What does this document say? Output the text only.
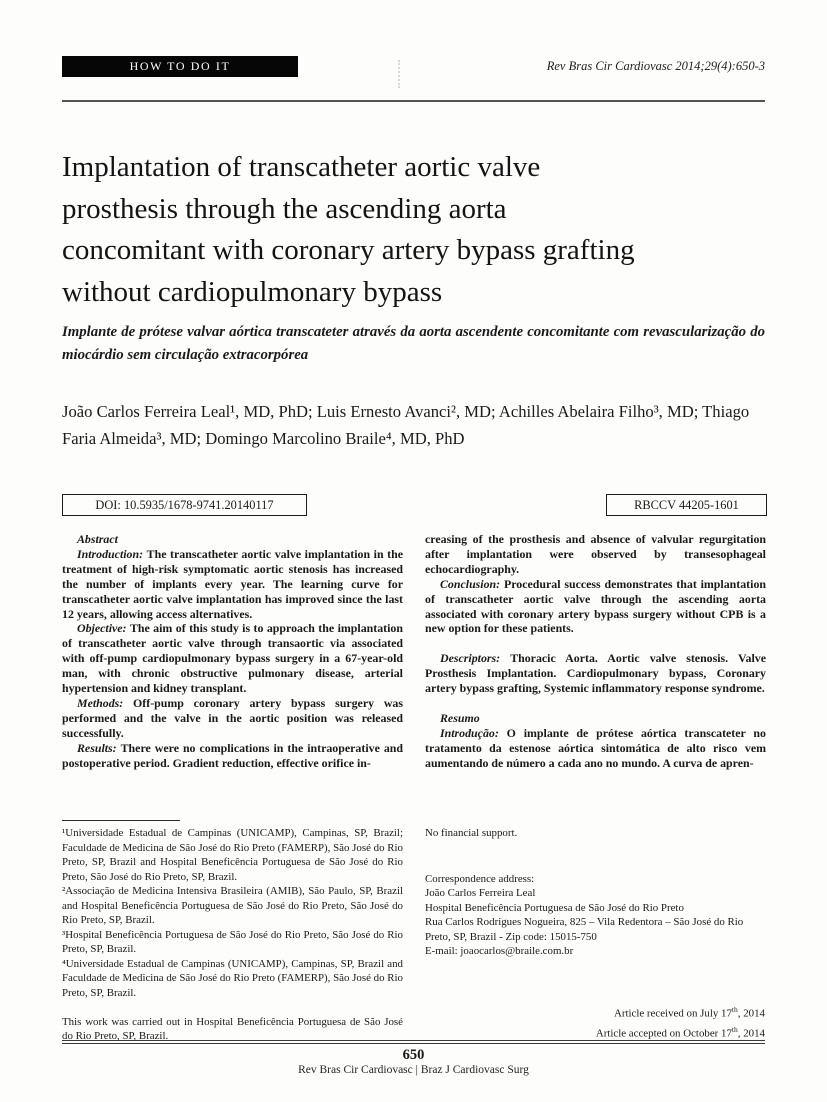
HOW TO DO IT	Rev Bras Cir Cardiovasc 2014;29(4):650-3
Implantation of transcatheter aortic valve
prosthesis through the ascending aorta
concomitant with coronary artery bypass grafting
without cardiopulmonary bypass
Implante de prótese valvar aórtica transcateter através da aorta ascendente concomitante com revascularização do miocárdio sem circulação extracorpórea
João Carlos Ferreira Leal¹, MD, PhD; Luis Ernesto Avanci², MD; Achilles Abelaira Filho³, MD; Thiago Faria Almeida³, MD; Domingo Marcolino Braile⁴, MD, PhD
DOI: 10.5935/1678-9741.20140117	RBCCV 44205-1601

Abstract

Introduction: The transcatheter aortic valve implantation in the treatment of high-risk symptomatic aortic stenosis has increased the number of implants every year. The learning curve for transcatheter aortic valve implantation has improved since the last 12 years, allowing access alternatives.

Objective: The aim of this study is to approach the implantation of transcatheter aortic valve through transaortic via associated with off-pump cardiopulmonary bypass surgery in a 67-year-old man, with chronic obstructive pulmonary disease, arterial hypertension and kidney transplant.

Methods: Off-pump coronary artery bypass surgery was performed and the valve in the aortic position was released successfully.

Results: There were no complications in the intraoperative and postoperative period. Gradient reduction, effective orifice in-

creasing of the prosthesis and absence of valvular regurgitation after implantation were observed by transesophageal echocardiography.

Conclusion: Procedural success demonstrates that implantation of transcatheter aortic valve through the ascending aorta associated with coronary artery bypass surgery without CPB is a new option for these patients.

Descriptors: Thoracic Aorta. Aortic valve stenosis. Valve Prosthesis Implantation. Cardiopulmonary bypass, Coronary artery bypass grafting, Systemic inflammatory response syndrome.

Resumo

Introdução: O implante de prótese aórtica transcateter no tratamento da estenose aórtica sintomática de alto risco vem aumentando de número a cada ano no mundo. A curva de apren-

¹Universidade Estadual de Campinas (UNICAMP), Campinas, SP, Brazil; Faculdade de Medicina de São José do Rio Preto (FAMERP), São José do Rio Preto, SP, Brazil and Hospital Beneficência Portuguesa de São José do Rio Preto, São José do Rio Preto, SP, Brazil.

²Associação de Medicina Intensiva Brasileira (AMIB), São Paulo, SP, Brazil and Hospital Beneficência Portuguesa de São José do Rio Preto, São José do Rio Preto, SP, Brazil.

³Hospital Beneficência Portuguesa de São José do Rio Preto, São José do Rio Preto, SP, Brazil.

⁴Universidade Estadual de Campinas (UNICAMP), Campinas, SP, Brazil and Faculdade de Medicina de São José do Rio Preto (FAMERP), São José do Rio Preto, SP, Brazil.

This work was carried out in Hospital Beneficência Portuguesa de São José do Rio Preto, SP, Brazil.

No financial support.

Correspondence address:

João Carlos Ferreira Leal

Hospital Beneficência Portuguesa de São José do Rio Preto

Rua Carlos Rodrigues Nogueira, 825 – Vila Redentora – São José do Rio Preto, SP, Brazil - Zip code: 15015-750

E-mail: joaocarlos@braile.com.br

Article received on July 17th, 2014
Article accepted on October 17th, 2014
650
Rev Bras Cir Cardiovasc | Braz J Cardiovasc Surg
